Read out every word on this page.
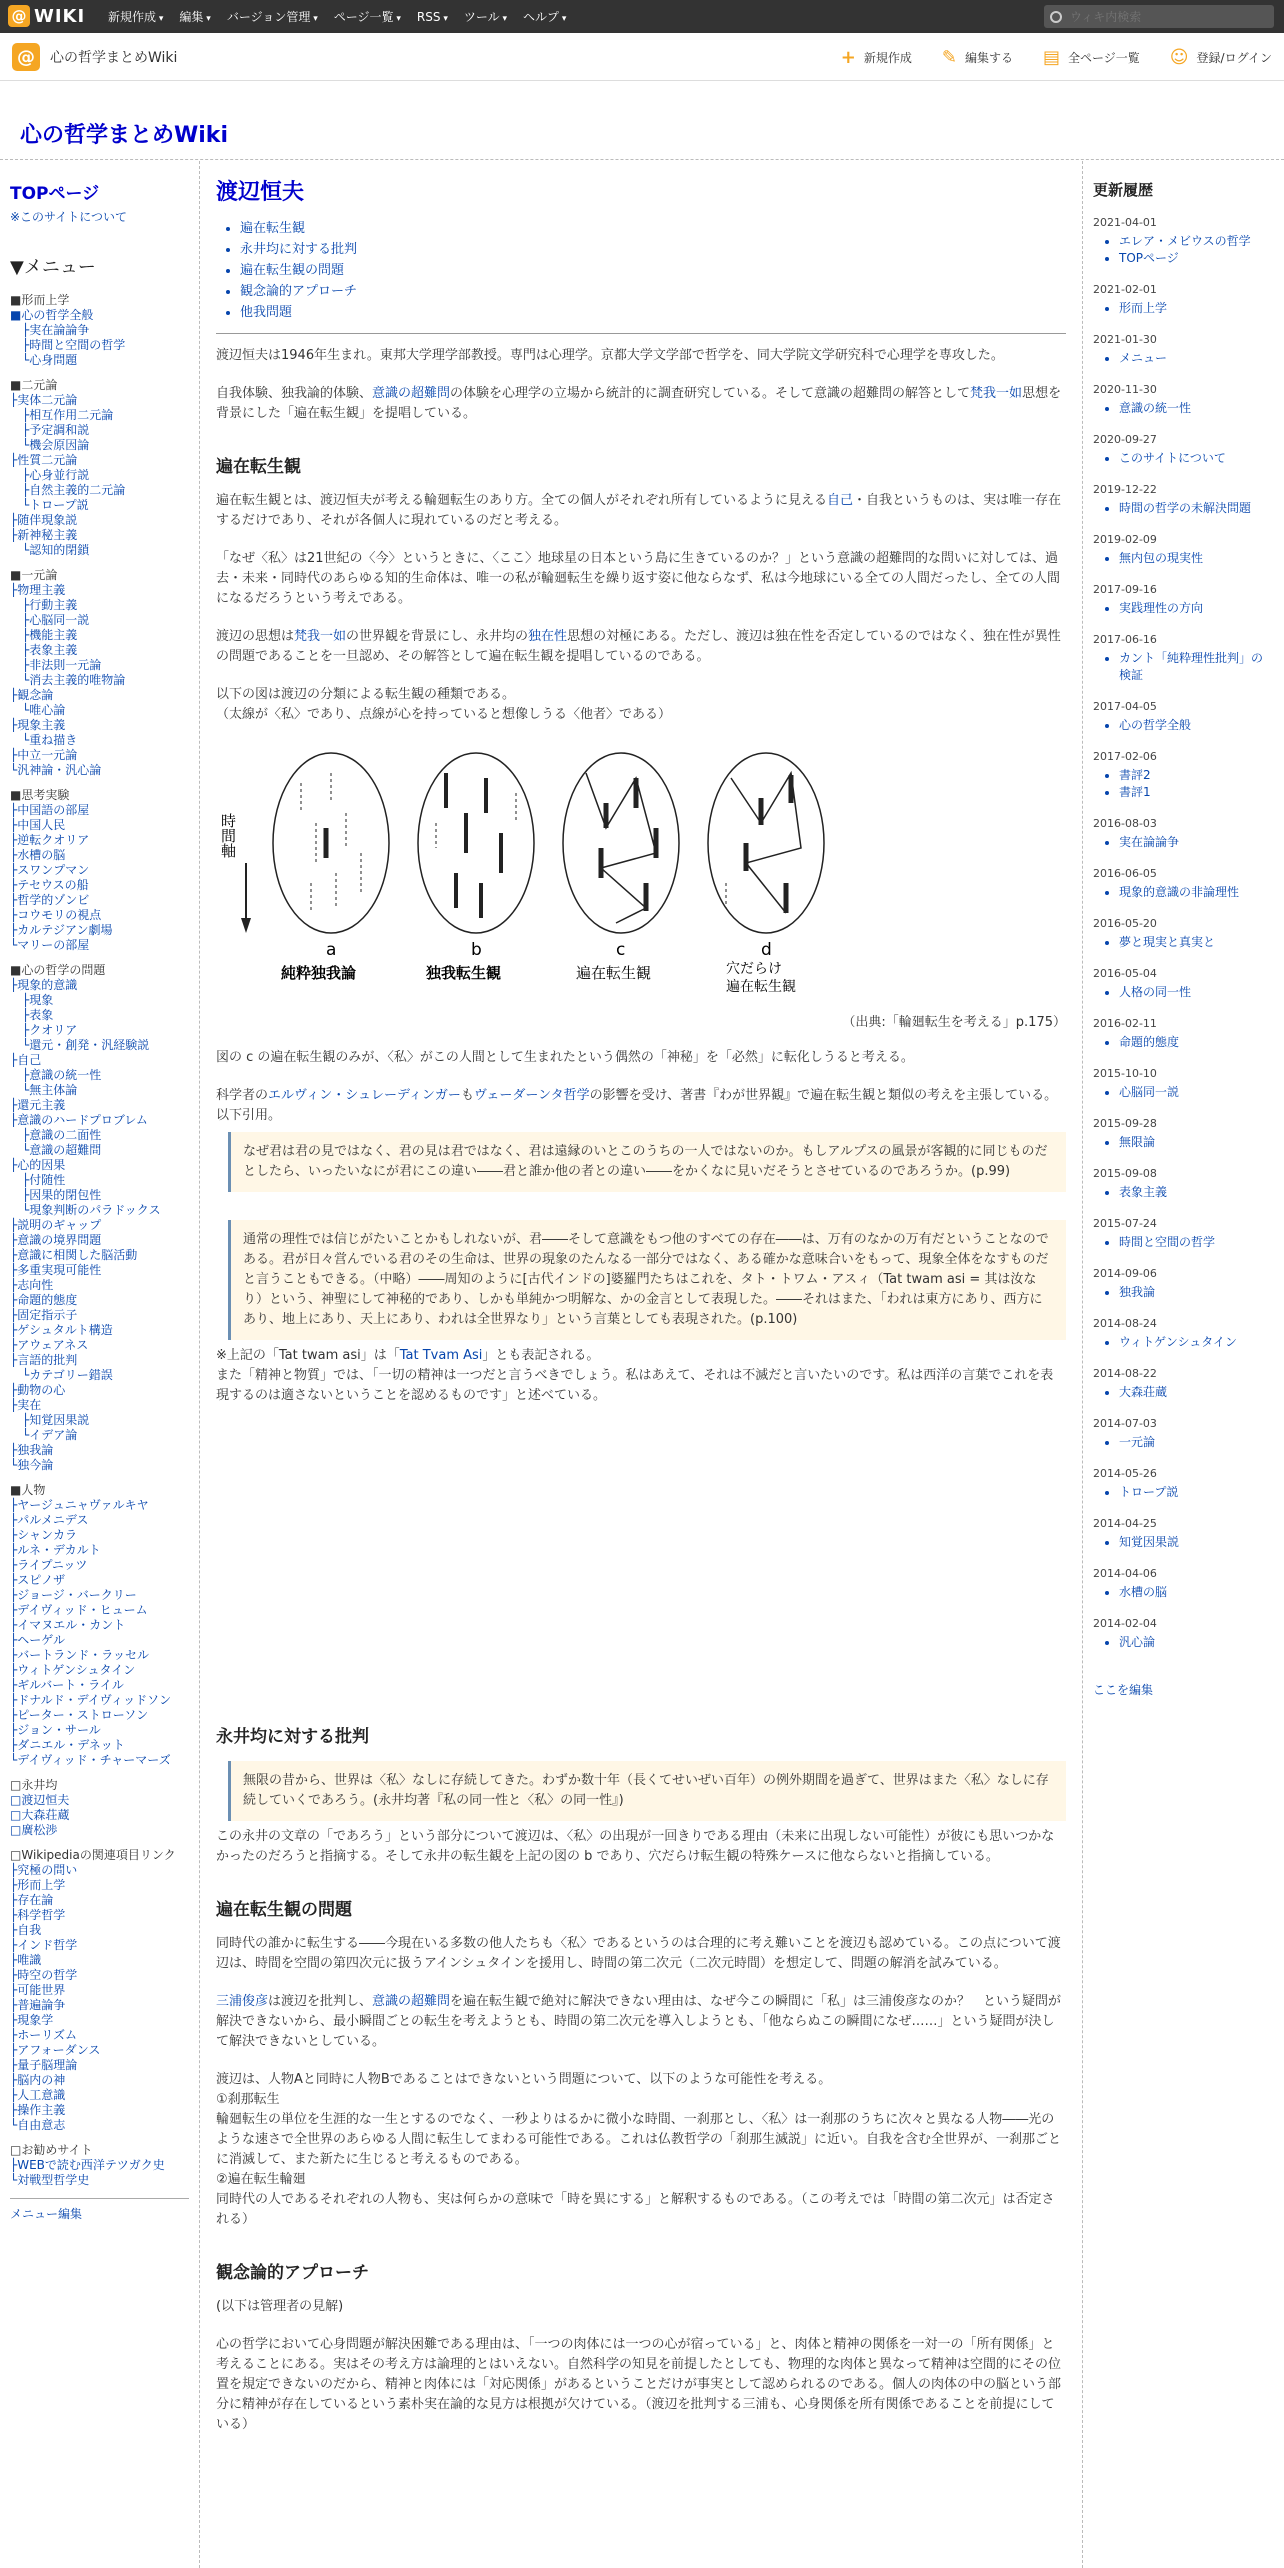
@ WIKI 新規作成 ▾	編集 ▾	バージョン管理 ▾	ページ一覧 ▾	RSS ▾	ツール ▾	ヘルプ ▾
ウィキ内検索
@	心の哲学まとめWiki	+ 新規作成 ✎ 編集する ▤ 全ページ一覧 ☺ 登録/ログイン
心の哲学まとめWiki
TOPページ
※このサイトについて
▼メニュー
■形而上学
■心の哲学全般
├実在論論争
├時間と空間の哲学
└心身問題
■二元論
├実体二元論
├相互作用二元論
├予定調和説
└機会原因論
├性質二元論
├心身並行説
├自然主義的二元論
└トロープ説
├随伴現象説
├新神秘主義
└認知的閉鎖
■一元論
├物理主義
├行動主義
├心脳同一説
├機能主義
├表象主義
├非法則一元論
└消去主義的唯物論
├観念論
└唯心論
├現象主義
└重ね描き
├中立一元論
└汎神論・汎心論
■思考実験
├中国語の部屋
├中国人民
├逆転クオリア
├水槽の脳
├スワンプマン
├テセウスの船
├哲学的ゾンビ
├コウモリの視点
├カルテジアン劇場
└マリーの部屋
■心の哲学の問題
├現象的意識
├現象
├表象
├クオリア
└還元・創発・汎経験説
├自己
├意識の統一性
└無主体論
├還元主義
├意識のハードプロブレム
├意識の二面性
└意識の超難問
├心的因果
├付随性
├因果的閉包性
└現象判断のパラドックス
├説明のギャップ
├意識の境界問題
├意識に相関した脳活動
├多重実現可能性
├志向性
├命題的態度
├固定指示子
├ゲシュタルト構造
├アウェアネス
├言語的批判
└カテゴリー錯誤
├動物の心
├実在
├知覚因果説
└イデア論
├独我論
└独今論
■人物
├ヤージュニャヴァルキヤ
├パルメニデス
├シャンカラ
├ルネ・デカルト
├ライプニッツ
├スピノザ
├ジョージ・バークリー
├デイヴィッド・ヒューム
├イマヌエル・カント
├ヘーゲル
├バートランド・ラッセル
├ウィトゲンシュタイン
├ギルバート・ライル
├ドナルド・デイヴィッドソン
├ピーター・ストローソン
├ジョン・サール
├ダニエル・デネット
└デイヴィッド・チャーマーズ
□永井均
□渡辺恒夫
□大森荘蔵
□廣松渉
□Wikipediaの関連項目リンク
├究極の問い
├形而上学
├存在論
├科学哲学
├自我
├インド哲学
├唯識
├時空の哲学
├可能世界
├普遍論争
├現象学
├ホーリズム
├アフォーダンス
├量子脳理論
├脳内の神
├人工意識
├操作主義
└自由意志
□お勧めサイト
├WEBで読む西洋テツガク史
└対戦型哲学史
メニュー編集
渡辺恒夫
• 遍在転生観
• 永井均に対する批判
• 遍在転生観の問題
• 観念論的アプローチ
• 他我問題

渡辺恒夫は1946年生まれ。東邦大学理学部教授。専門は心理学。京都大学文学部で哲学を、同大学院文学研究科で心理学を専攻した。

自我体験、独我論的体験、意識の超難問の体験を心理学の立場から統計的に調査研究している。そして意識の超難問の解答として梵我一如思想を背景にした「遍在転生観」を提唱している。

遍在転生観

遍在転生観とは、渡辺恒夫が考える輪廻転生のあり方。全ての個人がそれぞれ所有しているように見える自己・自我というものは、実は唯一存在するだけであり、それが各個人に現れているのだと考える。

「なぜ〈私〉は21世紀の〈今〉というときに、〈ここ〉地球星の日本という島に生きているのか？」という意識の超難問的な問いに対しては、過去・未来・同時代のあらゆる知的生命体は、唯一の私が輪廻転生を繰り返す姿に他ならなず、私は今地球にいる全ての人間だったし、全ての人間になるだろうという考えである。

渡辺の思想は梵我一如の世界観を背景にし、永井均の独在性思想の対極にある。ただし、渡辺は独在性を否定しているのではなく、独在性が異性の問題であることを一旦認め、その解答として遍在転生観を提唱しているのである。

以下の図は渡辺の分類による転生観の種類である。
（太線が〈私〉であり、点線が心を持っていると想像しうる〈他者〉である）

時間軸
a	b	c	d
純粋独我論	独我転生観	遍在転生観	穴だらけ
遍在転生観
（出典:「輪廻転生を考える」p.175）

図の c の遍在転生観のみが、〈私〉がこの人間として生まれたという偶然の「神秘」を「必然」に転化しうると考える。

科学者のエルヴィン・シュレーディンガーもヴェーダーンタ哲学の影響を受け、著書『わが世界観』で遍在転生観と類似の考えを主張している。以下引用。

なぜ君は君の見ではなく、君の見は君ではなく、君は遠縁のいとこのうちの一人ではないのか。もしアルプスの風景が客観的に同じものだとしたら、いったいなにが君にこの違い――君と誰か他の者との違い――をかくなに見いだそうとさせているのであろうか。(p.99)
通常の理性では信じがたいことかもしれないが、君――そして意識をもつ他のすべての存在――は、万有のなかの万有だということなのである。君が日々営んでいる君のその生命は、世界の現象のたんなる一部分ではなく、ある確かな意味合いをもって、現象全体をなすものだと言うこともできる。（中略）――周知のように[古代インドの]婆羅門たちはこれを、タト・トワム・アスィ（Tat twam asi = 其は汝なり）という、神聖にして神秘的であり、しかも単純かつ明解な、かの金言として表現した。――それはまた、「われは東方にあり、西方にあり、地上にあり、天上にあり、われは全世界なり」という言葉としても表現された。(p.100)

※上記の「Tat twam asi」は「Tat Tvam Asi」とも表記される。

また「精神と物質」では、「一切の精神は一つだと言うべきでしょう。私はあえて、それは不滅だと言いたいのです。私は西洋の言葉でこれを表現するのは適さないということを認めるものです」と述べている。

永井均に対する批判
無限の昔から、世界は〈私〉なしに存続してきた。わずか数十年（長くてせいぜい百年）の例外期間を過ぎて、世界はまた〈私〉なしに存続していくであろう。(永井均著『私の同一性と〈私〉の同一性』)

この永井の文章の「であろう」という部分について渡辺は、〈私〉の出現が一回きりである理由（未来に出現しない可能性）が彼にも思いつかなかったのだろうと指摘する。そして永井の転生観を上記の図の b であり、穴だらけ転生観の特殊ケースに他ならないと指摘している。

遍在転生観の問題

同時代の誰かに転生する――今現在いる多数の他人たちも〈私〉であるというのは合理的に考え難いことを渡辺も認めている。この点について渡辺は、時間を空間の第四次元に扱うアインシュタインを援用し、時間の第二次元（二次元時間）を想定して、問題の解消を試みている。

三浦俊彦は渡辺を批判し、意識の超難問を遍在転生観で絶対に解決できない理由は、なぜ今この瞬間に「私」は三浦俊彦なのか？　という疑問が解決できないから、最小瞬間ごとの転生を考えようとも、時間の第二次元を導入しようとも、「他ならぬこの瞬間になぜ……」という疑問が決して解決できないとしている。

渡辺は、人物Aと同時に人物Bであることはできないという問題について、以下のような可能性を考える。
①刹那転生
輪廻転生の単位を生涯的な一生とするのでなく、一秒よりはるかに微小な時間、一刹那とし、〈私〉は一刹那のうちに次々と異なる人物――光のような速さで全世界のあらゆる人間に転生してまわる可能性である。これは仏教哲学の「刹那生滅説」に近い。自我を含む全世界が、一刹那ごとに消滅して、また新たに生じると考えるものである。
②遍在転生輪廻
同時代の人であるそれぞれの人物も、実は何らかの意味で「時を異にする」と解釈するものである。（この考えでは「時間の第二次元」は否定される）

観念論的アプローチ

(以下は管理者の見解)

心の哲学において心身問題が解決困難である理由は、「一つの肉体には一つの心が宿っている」と、肉体と精神の関係を一対一の「所有関係」と考えることにある。実はその考え方は論理的とはいえない。自然科学の知見を前提したとしても、物理的な肉体と異なって精神は空間的にその位置を規定できないのだから、精神と肉体には「対応関係」があるということだけが事実として認められるのである。個人の肉体の中の脳という部分に精神が存在しているという素朴実在論的な見方は根拠が欠けている。（渡辺を批判する三浦も、心身関係を所有関係であることを前提にしている）

更新履歴
2021-04-01
• エレア・メビウスの哲学
• TOPページ
2021-02-01
• 形而上学
2021-01-30
• メニュー
2020-11-30
• 意識の統一性
2020-09-27
• このサイトについて
2019-12-22
• 時間の哲学の未解決問題
2019-02-09
• 無内包の現実性
2017-09-16
• 実践理性の方向
2017-06-16
• カント「純粋理性批判」の検証
2017-04-05
• 心の哲学全般
2017-02-06
• 書評2
• 書評1
2016-08-03
• 実在論論争
2016-06-05
• 現象的意識の非論理性
2016-05-20
• 夢と現実と真実と
2016-05-04
• 人格の同一性
2016-02-11
• 命題的態度
2015-10-10
• 心脳同一説
2015-09-28
• 無限論
2015-09-08
• 表象主義
2015-07-24
• 時間と空間の哲学
2014-09-06
• 独我論
2014-08-24
• ウィトゲンシュタイン
2014-08-22
• 大森荘蔵
2014-07-03
• 一元論
2014-05-26
• トロープ説
2014-04-25
• 知覚因果説
2014-04-06
• 水槽の脳
2014-02-04
• 汎心論
ここを編集
